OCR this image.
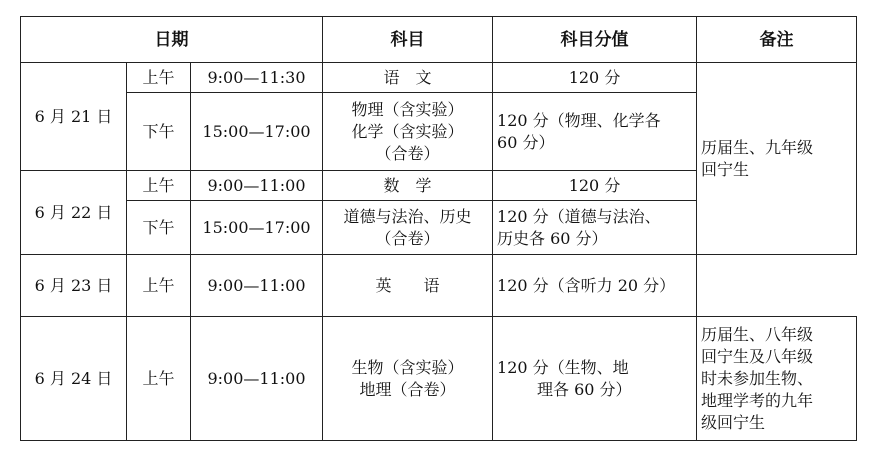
日期			科目	科目分值	备注
6 月 21 日	上午	9:00—11:30	语　文	120 分	历届生、九年级
回宁生

	下午	15:00—17:00	物理（含实验）
化学（含实验）
（合卷）	120 分（物理、化学各
60 分）	

6 月 22 日	上午	9:00—11:00	数　学	120 分	
	下午	15:00—17:00	道德与法治、历史
（合卷）	120 分（道德与法治、
历史各 60 分）	

6 月 23 日	上午	9:00—11:00	英　　语	120 分（含听力 20 分）	
6 月 24 日	上午	9:00—11:00	生物（含实验）
地理（合卷）	120 分（生物、地
理各 60 分）	历届生、八年级
回宁生及八年级
时未参加生物、
地理学考的九年
级回宁生
